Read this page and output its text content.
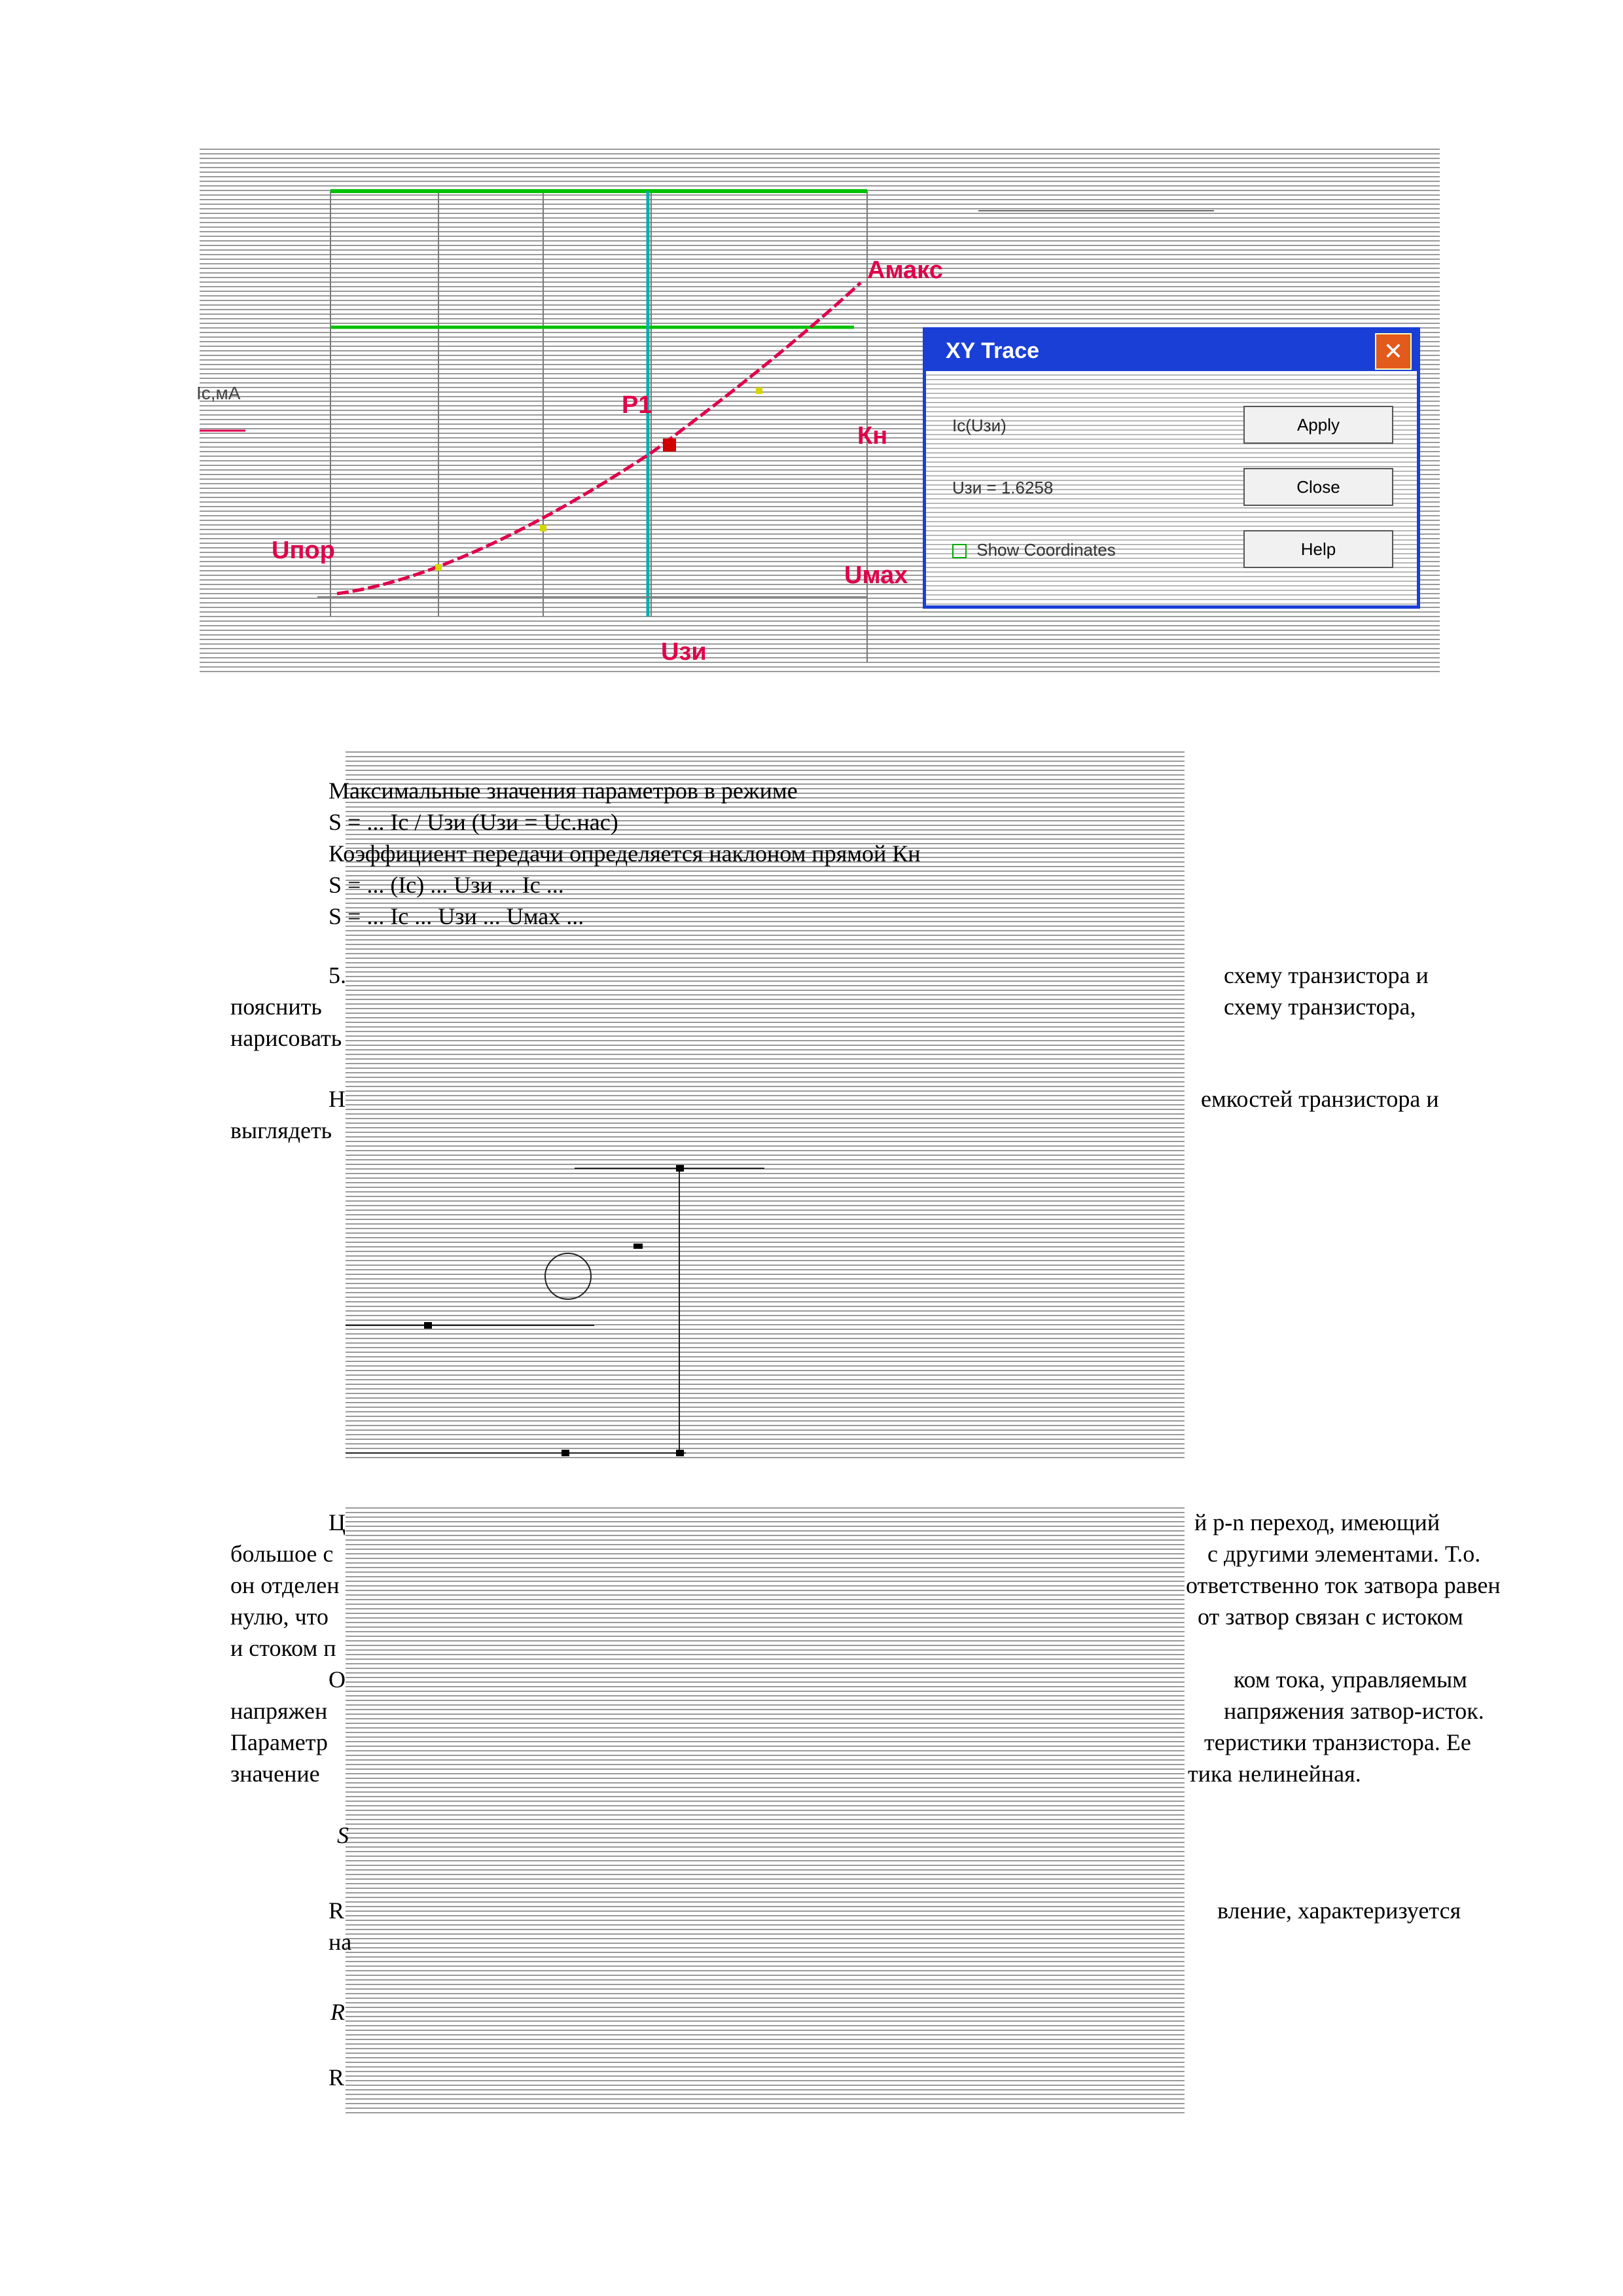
Амакс
Р1
Uпор
Кн
Uмах
Uзи
Ic,мА
XY Trace	✕
Ic(Uзи)
Uзи = 1.6258
Show Coordinates
Apply
Close
Help
Максимальные значения параметров в режиме
S = ... Ic / Uзи (Uзи = Uс.нас)
Коэффициент передачи определяется наклоном прямой Кн
S = ... (Ic) ... Uзи ... Ic ...
S = ... Ic ... Uзи ... Uмах ...
5.	схему транзистора и
пояснить	схему транзистора,
нарисовать
Н	емкостей транзистора и
выглядеть
Ц	й p-n переход, имеющий
большое с	с другими элементами. Т.о.
он отделен	ответственно ток затвора равен
нулю, что	от затвор связан с истоком
и стоком п
О	ком тока, управляемым
напряжен	напряжения затвор-исток.
Параметр	теристики транзистора. Ее
значение	тика нелинейная.
S
R	вление, характеризуется
на
R
R
